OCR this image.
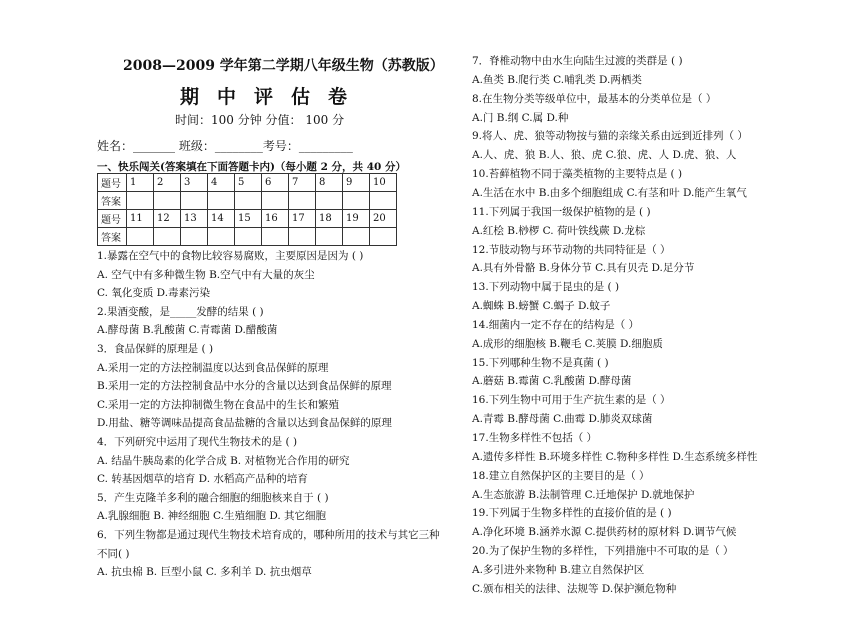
2008—2009 学年第二学期八年级生物（苏教版）
期中评估卷
时间：100 分钟 分值： 100 分
姓名：_______ 班级：________考号：_________
一、快乐闯关(答案填在下面答题卡内)（每小题 2 分，共 40 分）
题号	1	2	3	4	5	6	7	8	9	10
答案										
题号	11	12	13	14	15	16	17	18	19	20
答案										
1.暴露在空气中的食物比较容易腐败，主要原因是因为 ( )
A. 空气中有多种微生物 B.空气中有大量的灰尘
C. 氧化变质 D.毒素污染
2.果酒变酸，是_____发酵的结果 ( )
A.酵母菌 B.乳酸菌 C.青霉菌 D.醋酸菌
3．食品保鲜的原理是 ( )
A.采用一定的方法控制温度以达到食品保鲜的原理
B.采用一定的方法控制食品中水分的含量以达到食品保鲜的原理
C.采用一定的方法抑制微生物在食品中的生长和繁殖
D.用盐、糖等调味品提高食品盐糖的含量以达到食品保鲜的原理
4．下列研究中运用了现代生物技术的是 ( )
A. 结晶牛胰岛素的化学合成 B. 对植物光合作用的研究
C. 转基因烟草的培育 D. 水稻高产品种的培育
5．产生克隆羊多利的融合细胞的细胞核来自于 ( )
A.乳腺细胞 B. 神经细胞 C.生殖细胞 D. 其它细胞
6．下列生物都是通过现代生物技术培育成的，哪种所用的技术与其它三种
不同( )
A. 抗虫棉 B. 巨型小鼠 C. 多利羊 D. 抗虫烟草
7．脊椎动物中由水生向陆生过渡的类群是 ( )
A.鱼类 B.爬行类 C.哺乳类 D.两栖类
8.在生物分类等级单位中，最基本的分类单位是（ ）
A.门 B.纲 C.属 D.种
9.将人、虎、狼等动物按与猫的亲缘关系由远到近排列（ ）
A.人、虎、狼 B.人、狼、虎 C.狼、虎、人 D.虎、狼、人
10.苔藓植物不同于藻类植物的主要特点是 ( )
A.生活在水中 B.由多个细胞组成 C.有茎和叶 D.能产生氧气
11.下列属于我国一级保护植物的是 ( )
A.红桧 B.桫椤 C. 荷叶铁线蕨 D.龙棕
12.节肢动物与环节动物的共同特征是（ ）
A.具有外骨骼 B.身体分节 C.具有贝壳 D.足分节
13.下列动物中属于昆虫的是 ( )
A.蜘蛛 B.螃蟹 C.蝎子 D.蚊子
14.细菌内一定不存在的结构是（ ）
A.成形的细胞核 B.鞭毛 C.荚膜 D.细胞质
15.下列哪种生物不是真菌 ( )
A.蘑菇 B.霉菌 C.乳酸菌 D.酵母菌
16.下列生物中可用于生产抗生素的是（ ）
A.青霉 B.酵母菌 C.曲霉 D.肺炎双球菌
17.生物多样性不包括（ ）
A.遗传多样性 B.环境多样性 C.物种多样性 D.生态系统多样性
18.建立自然保护区的主要目的是（ ）
A.生态旅游 B.法制管理 C.迁地保护 D.就地保护
19.下列属于生物多样性的直接价值的是 ( )
A.净化环境 B.涵养水源 C.提供药材的原材料 D.调节气候
20.为了保护生物的多样性，下列措施中不可取的是（ ）
A.多引进外来物种 B.建立自然保护区
C.颁布相关的法律、法规等 D.保护濒危物种
